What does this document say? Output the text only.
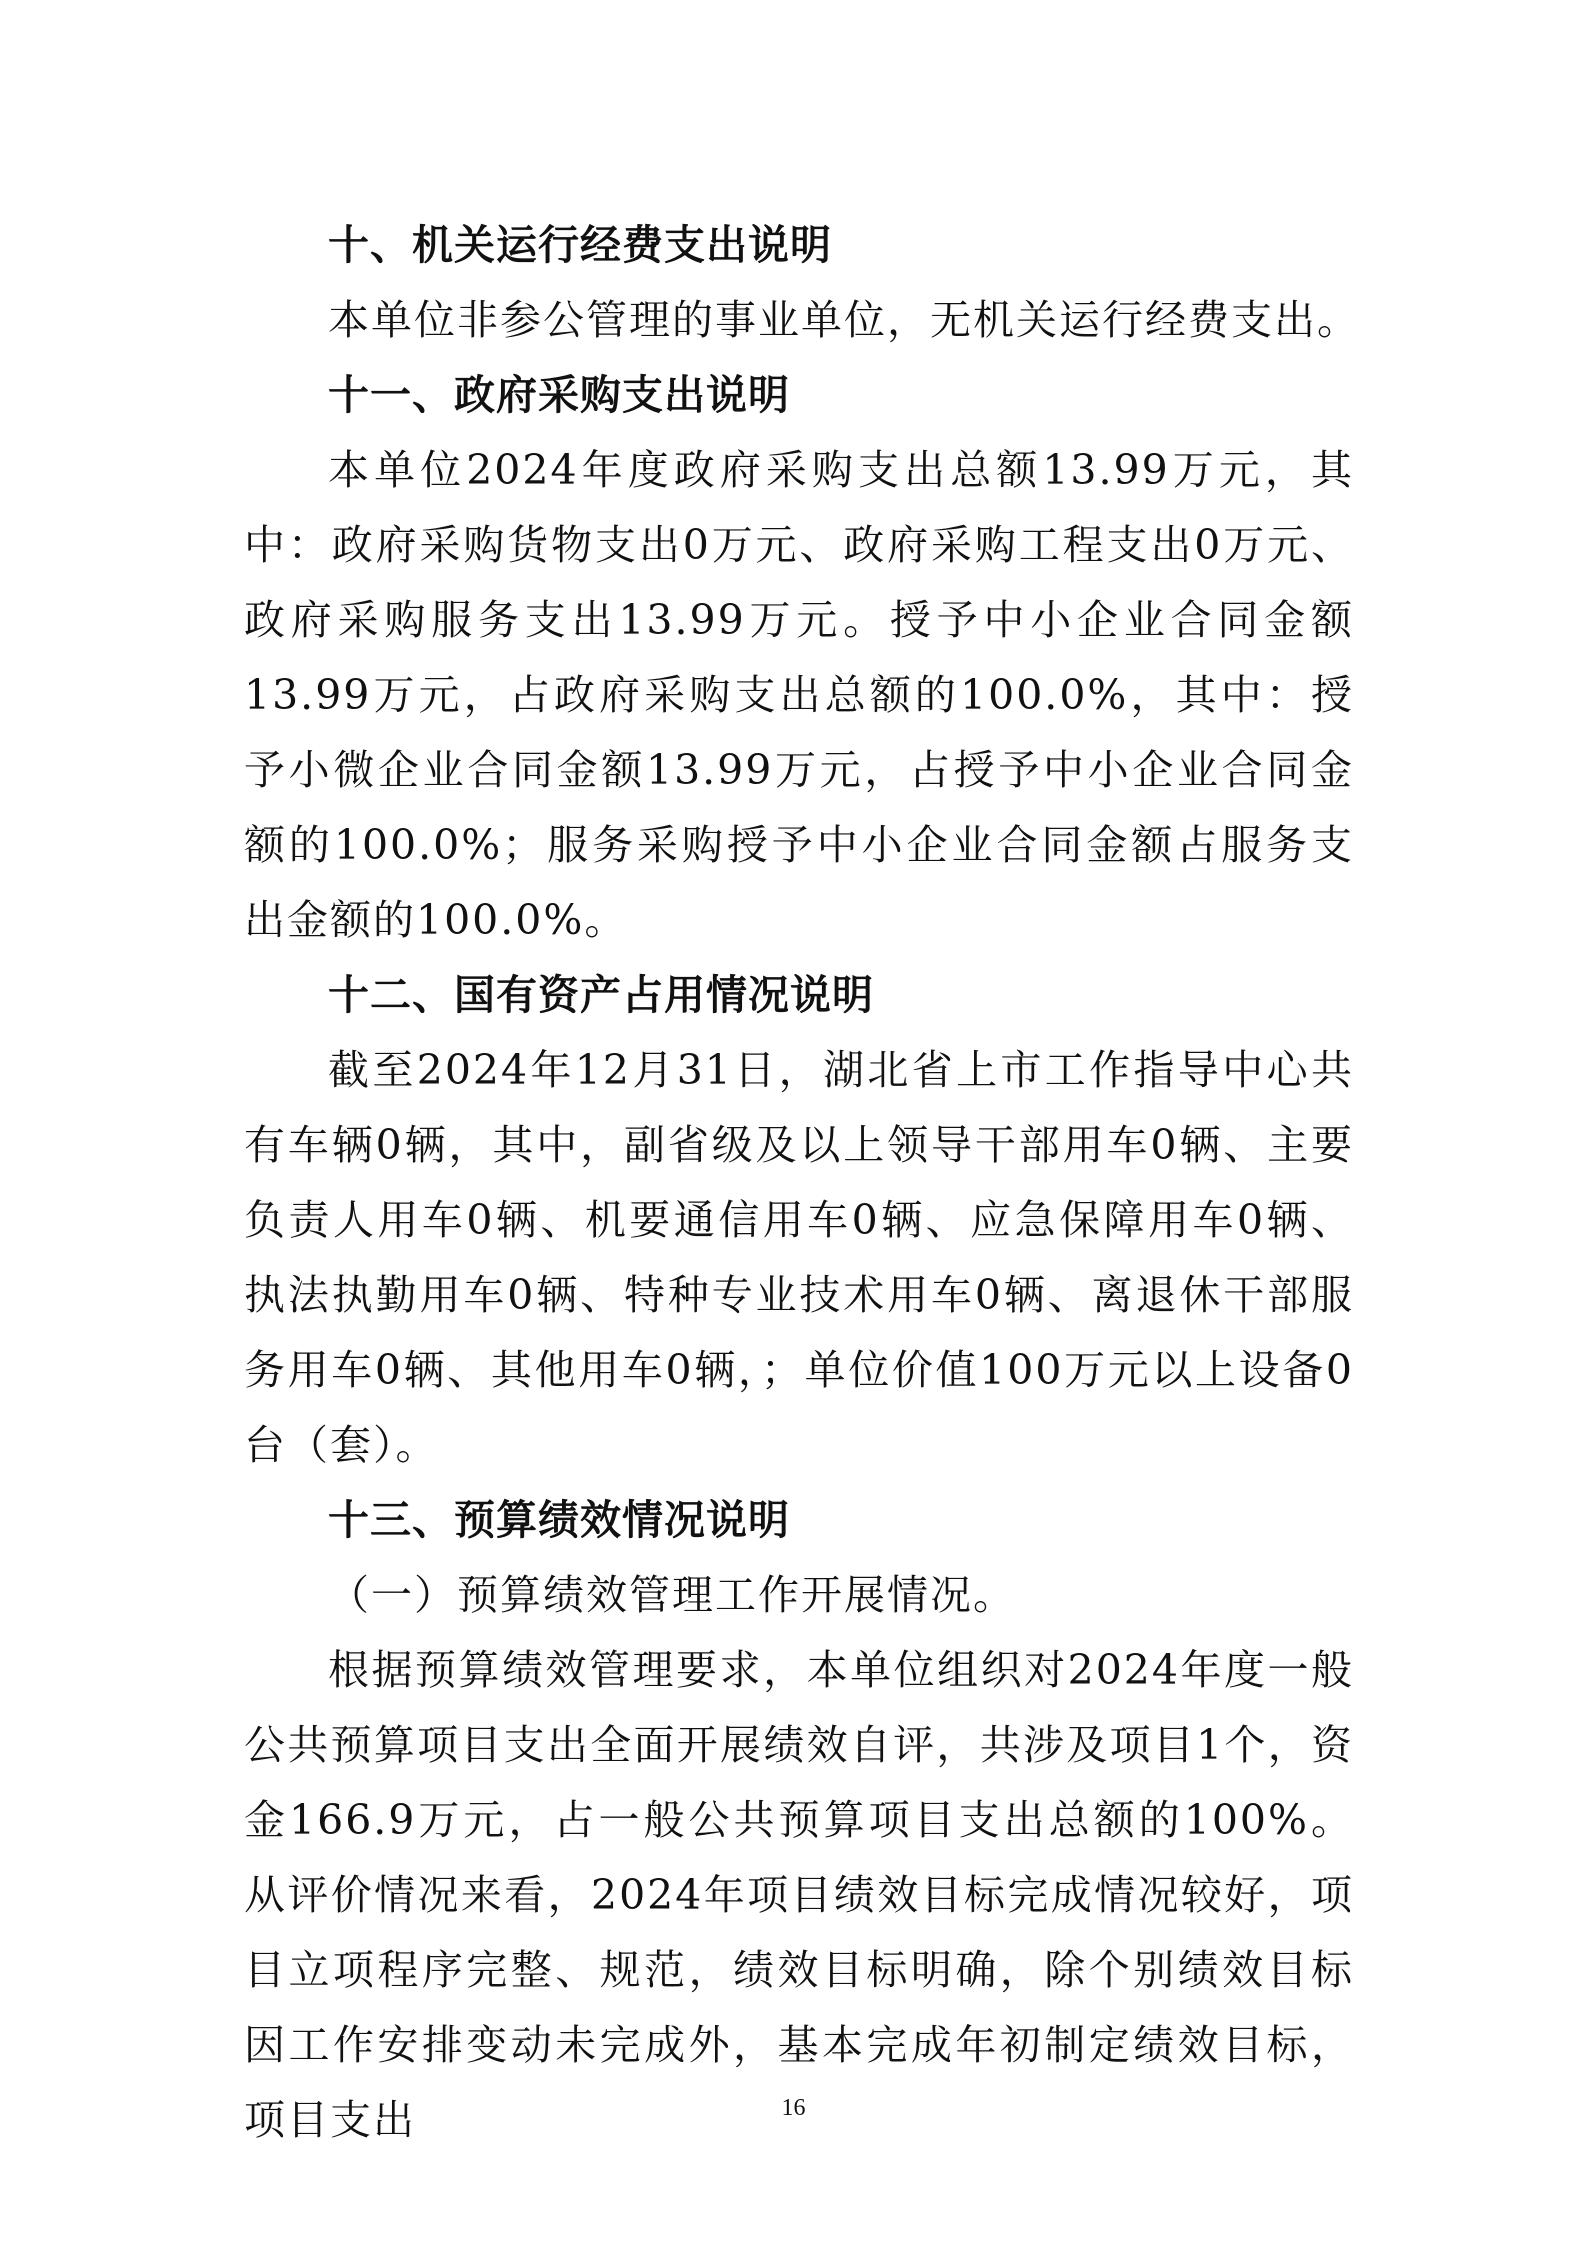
十、机关运行经费支出说明
本单位非参公管理的事业单位，无机关运行经费支出。
十一、政府采购支出说明
本单位2024年度政府采购支出总额13.99万元，其中：政府采购货物支出0万元、政府采购工程支出0万元、政府采购服务支出13.99万元。授予中小企业合同金额13.99万元，占政府采购支出总额的100.0%，其中：授予小微企业合同金额13.99万元，占授予中小企业合同金额的100.0%；服务采购授予中小企业合同金额占服务支出金额的100.0%。
十二、国有资产占用情况说明
截至2024年12月31日，湖北省上市工作指导中心共有车辆0辆，其中，副省级及以上领导干部用车0辆、主要负责人用车0辆、机要通信用车0辆、应急保障用车0辆、执法执勤用车0辆、特种专业技术用车0辆、离退休干部服务用车0辆、其他用车0辆，；单位价值100万元以上设备0台（套）。
十三、预算绩效情况说明
（一）预算绩效管理工作开展情况。
根据预算绩效管理要求，本单位组织对2024年度一般公共预算项目支出全面开展绩效自评，共涉及项目1个，资金166.9万元，占一般公共预算项目支出总额的100%。从评价情况来看，2024年项目绩效目标完成情况较好，项目立项程序完整、规范，绩效目标明确，除个别绩效目标因工作安排变动未完成外，基本完成年初制定绩效目标，项目支出	16
